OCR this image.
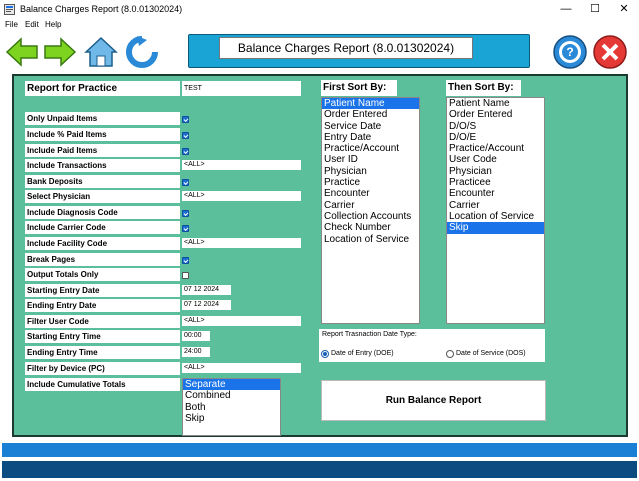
Balance Charges Report (8.0.01302024)	—	☐	✕
File Edit Help
Balance Charges Report (8.0.01302024)	?
Report for Practice	TEST
Only Unpaid Items
Include % Paid Items
Include Paid Items
Include Transactions	<ALL>
Bank Deposits
Select Physician	<ALL>
Include Diagnosis Code
Include Carrier Code
Include Facility Code	<ALL>
Break Pages
Output Totals Only
Starting Entry Date	07 12 2024
Ending Entry Date	07 12 2024
Filter User Code	<ALL>
Starting Entry Time	00:00
Ending Entry Time	24:00
Filter by Device (PC)	<ALL>
Include Cumulative Totals	Separate
Combined
Both
Skip
First Sort By:
Patient Name
Order Entered
Service Date
Entry Date
Practice/Account
User ID
Physician
Practice
Encounter
Carrier
Collection Accounts
Check Number
Location of Service
Then Sort By:
Patient Name
Order Entered
D/O/S
D/O/E
Practice/Account
User Code
Physician
Practicee
Encounter
Carrier
Location of Service
Skip
Report Trasnaction Date Type:
Date of Entry (DOE)	Date of Service (DOS)
Run Balance Report
